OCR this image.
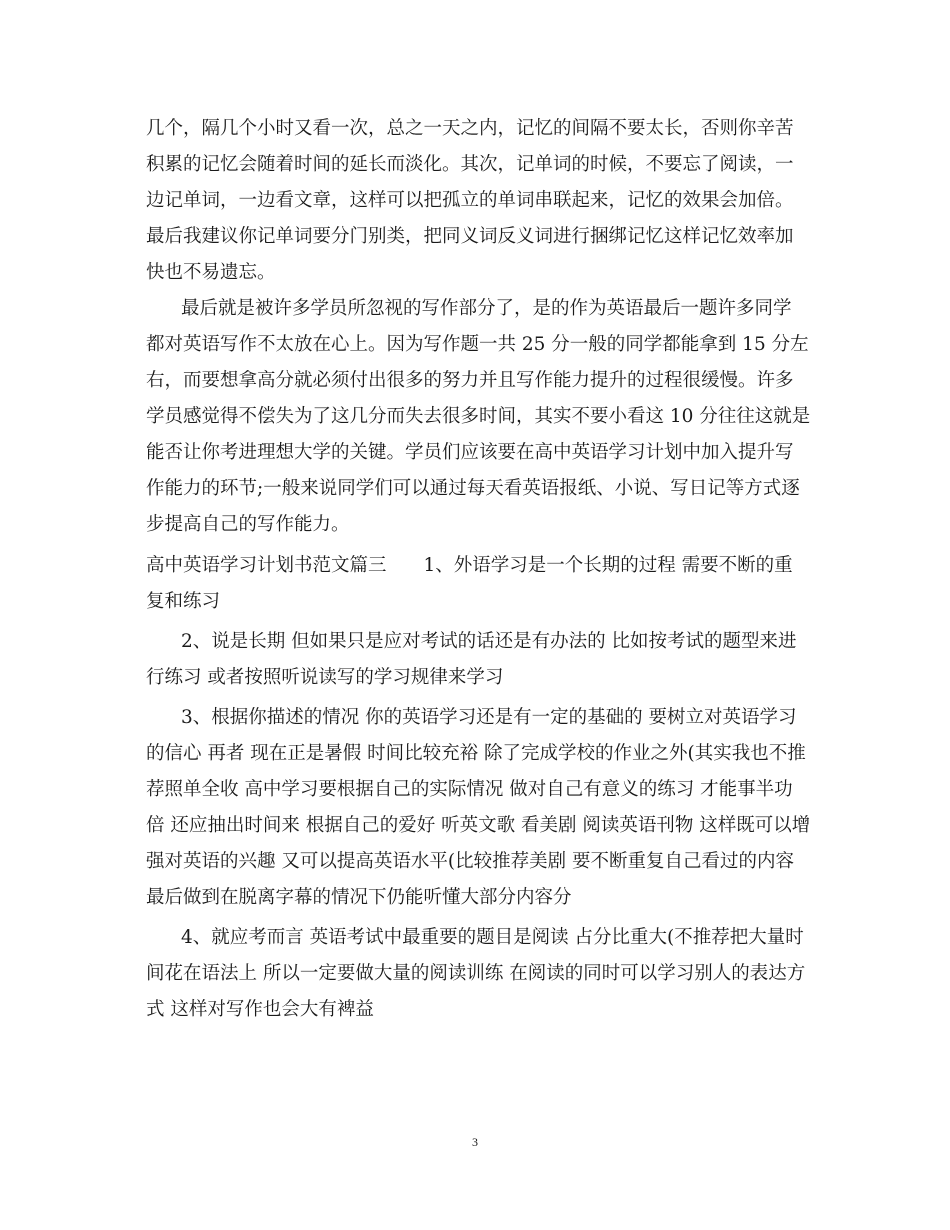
几个，隔几个小时又看一次，总之一天之内，记忆的间隔不要太长，否则你辛苦
积累的记忆会随着时间的延长而淡化。其次，记单词的时候，不要忘了阅读，一
边记单词，一边看文章，这样可以把孤立的单词串联起来，记忆的效果会加倍。
最后我建议你记单词要分门别类，把同义词反义词进行捆绑记忆这样记忆效率加
快也不易遗忘。
最后就是被许多学员所忽视的写作部分了，是的作为英语最后一题许多同学
都对英语写作不太放在心上。因为写作题一共 25 分一般的同学都能拿到 15 分左
右，而要想拿高分就必须付出很多的努力并且写作能力提升的过程很缓慢。许多
学员感觉得不偿失为了这几分而失去很多时间，其实不要小看这 10 分往往这就是
能否让你考进理想大学的关键。学员们应该要在高中英语学习计划中加入提升写
作能力的环节;一般来说同学们可以通过每天看英语报纸、小说、写日记等方式逐
步提高自己的写作能力。
高中英语学习计划书范文篇三　　1、外语学习是一个长期的过程 需要不断的重
复和练习
2、说是长期 但如果只是应对考试的话还是有办法的 比如按考试的题型来进
行练习 或者按照听说读写的学习规律来学习
3、根据你描述的情况 你的英语学习还是有一定的基础的 要树立对英语学习
的信心 再者 现在正是暑假 时间比较充裕 除了完成学校的作业之外(其实我也不推
荐照单全收 高中学习要根据自己的实际情况 做对自己有意义的练习 才能事半功
倍 还应抽出时间来 根据自己的爱好 听英文歌 看美剧 阅读英语刊物 这样既可以增
强对英语的兴趣 又可以提高英语水平(比较推荐美剧 要不断重复自己看过的内容
最后做到在脱离字幕的情况下仍能听懂大部分内容分
4、就应考而言 英语考试中最重要的题目是阅读 占分比重大(不推荐把大量时
间花在语法上 所以一定要做大量的阅读训练 在阅读的同时可以学习别人的表达方
式 这样对写作也会大有裨益
3
